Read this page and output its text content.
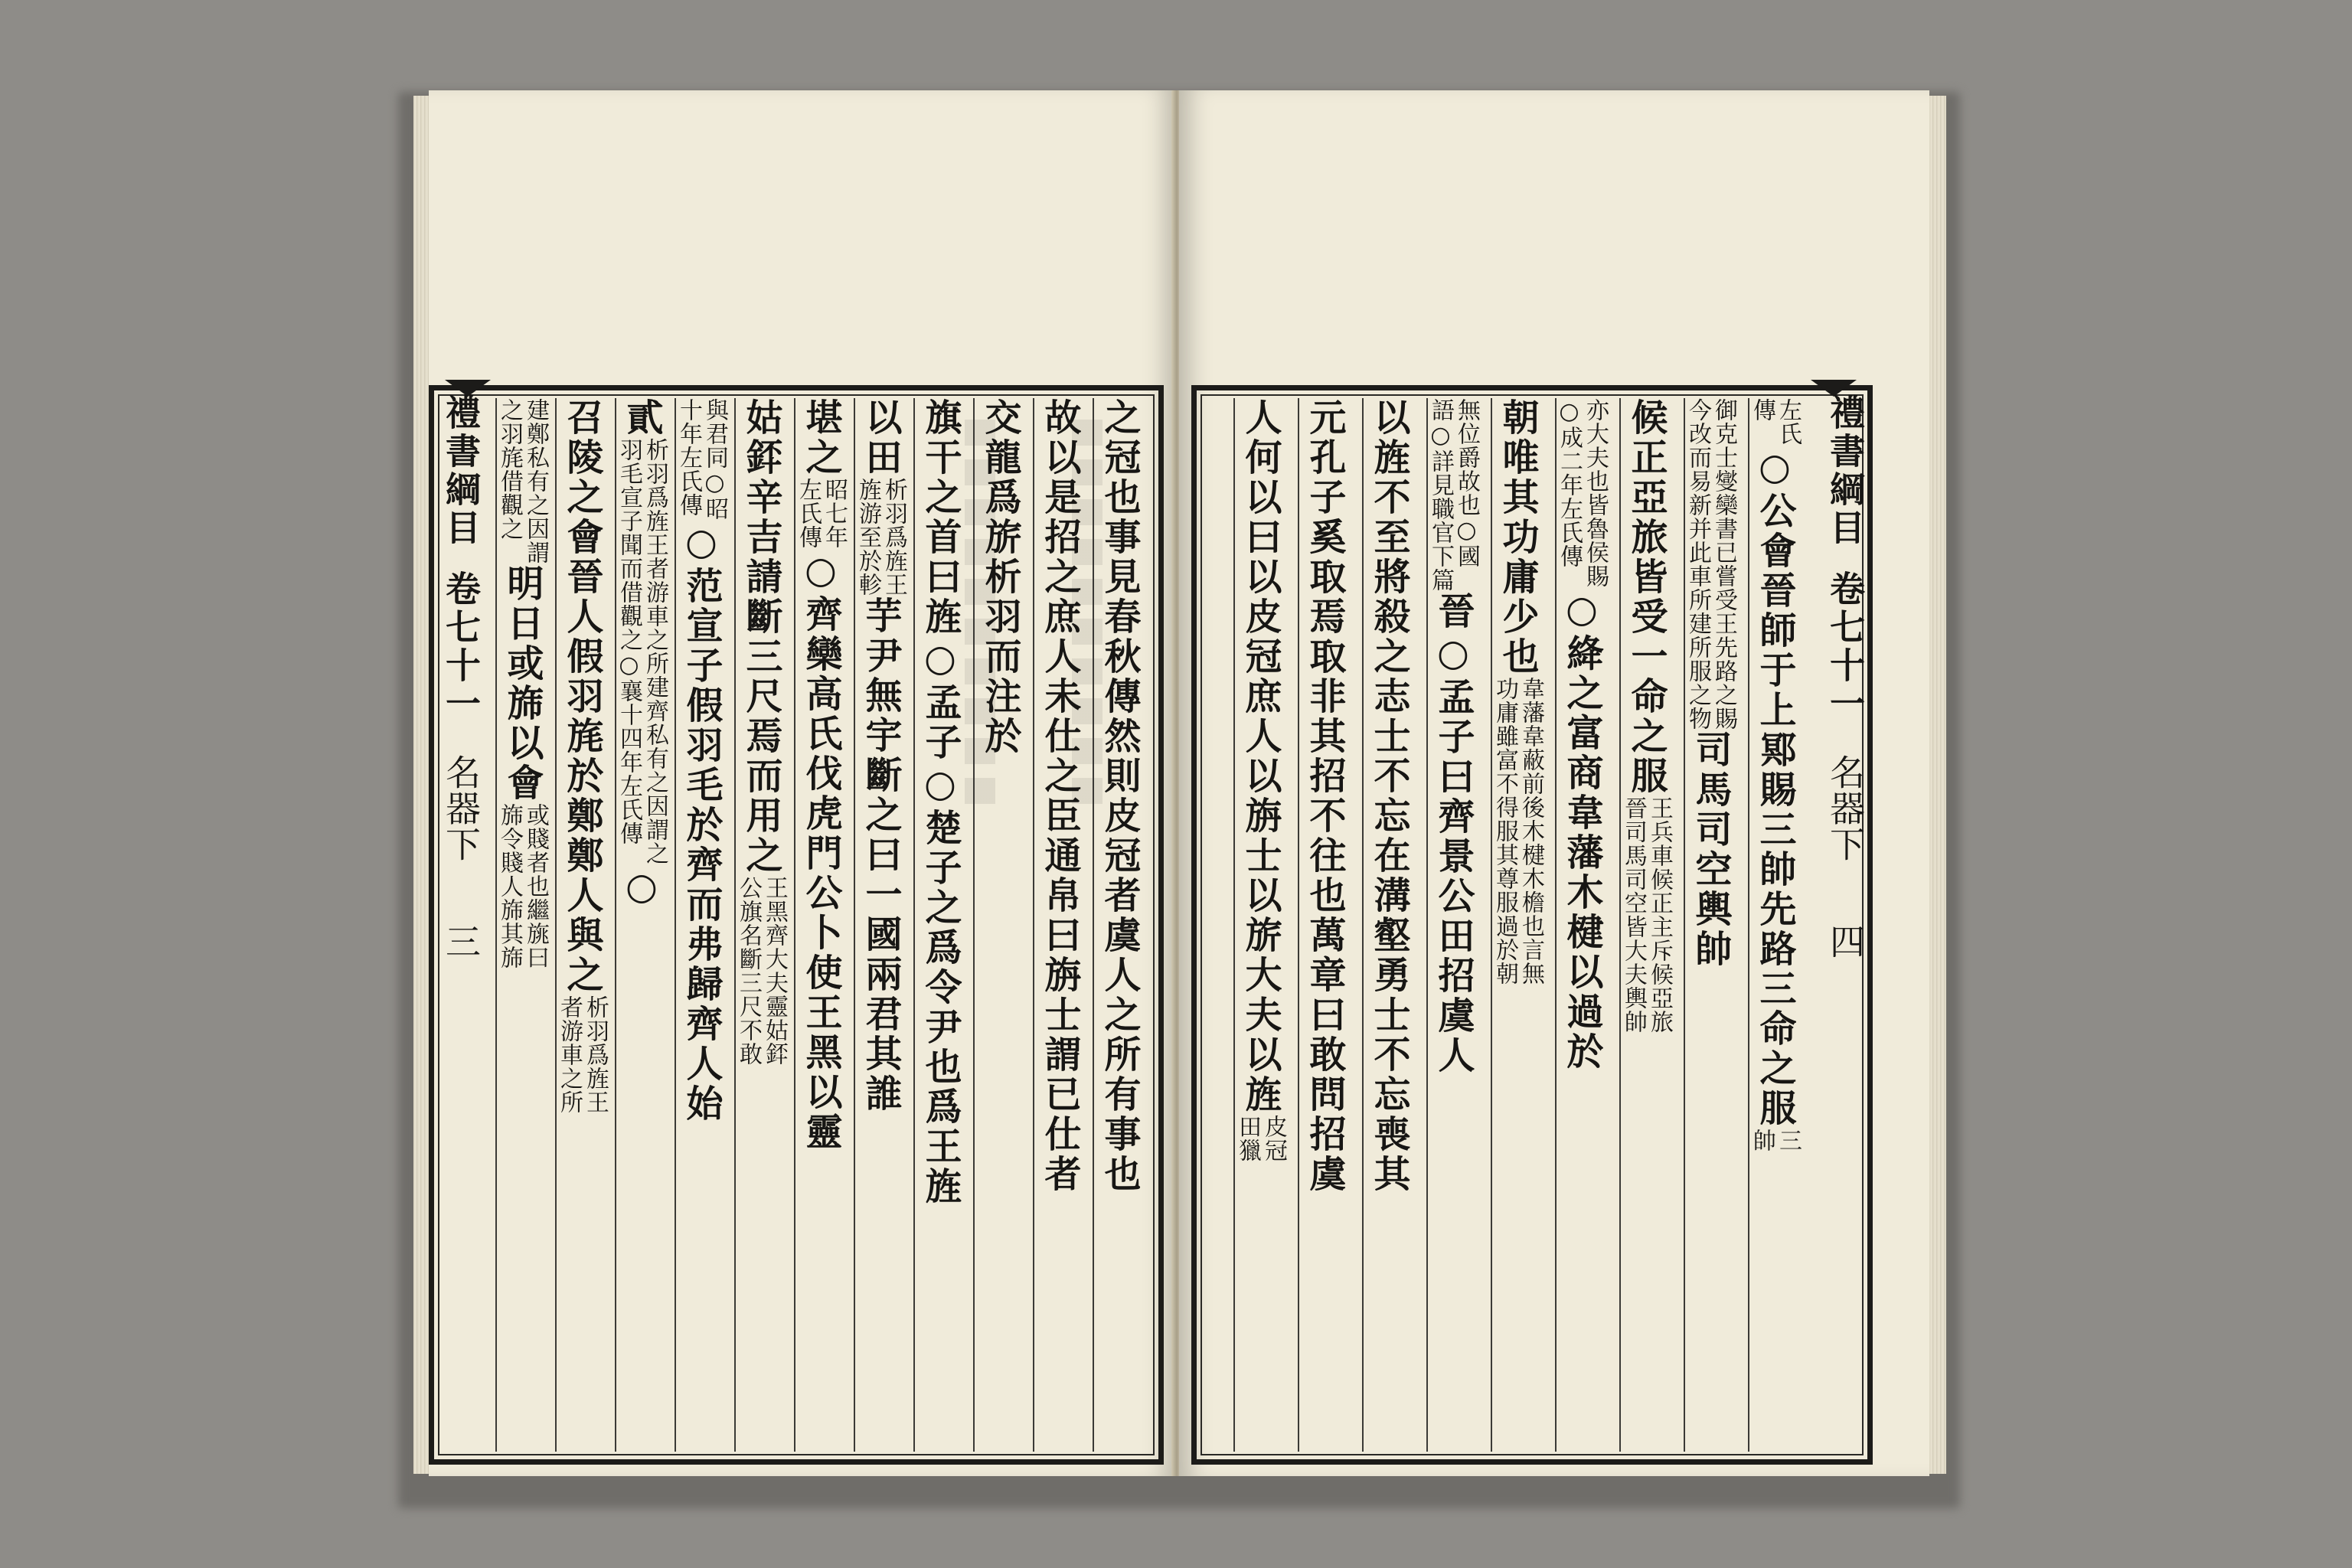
禮書綱目
卷七十一
名器下
三	之冠也事見春秋傳然則皮冠者虞人之所有事也
故以是招之庶人未仕之臣通帛曰旃士謂已仕者
交龍爲旂析羽而注於
旗干之首曰旌○孟子○楚子之爲令尹也爲王旌
以田
析羽爲旌王
旌游至於軫
芋尹無宇斷之曰一國兩君其誰
堪之
昭七年
左氏傳
○齊欒高氏伐虎門公卜使王黑以靈
姑銔辛吉請斷三尺焉而用之
王黑齊大夫靈姑銔
公旗名斷三尺不敢
與君同○昭
十年左氏傳
○范宣子假羽毛於齊而弗歸齊人始
貳
析羽爲旌王者游車之所建齊私有之因謂之
羽毛宣子聞而借觀之○襄十四年左氏傳
○
召陵之會晉人假羽旄於鄭鄭人與之
析羽爲旌王
者游車之所
建鄭私有之因謂
之羽旄借觀之
明日或旆以會
或賤者也繼旐曰
旆令賤人旆其旆
禮書綱目
卷七十一
名器下
四
左氏
傳
○公會晉師于上鄍賜三帥先路三命之服
三
帥
御克士燮欒書已嘗受王先路之賜
今改而易新并此車所建所服之物
司馬司空輿帥
候正亞旅皆受一命之服
王兵車候正主斥候亞旅
晉司馬司空皆大夫輿帥
亦大夫也皆魯侯賜
○成二年左氏傳
○絳之富商韋藩木楗以過於
朝唯其功庸少也
韋藩韋蔽前後木楗木檐也言無
功庸雖富不得服其尊服過於朝
無位爵故也○國
語○詳見職官下篇
晉○孟子曰齊景公田招虞人
以旌不至將殺之志士不忘在溝壑勇士不忘喪其
元孔子奚取焉取非其招不往也萬章曰敢問招虞
人何以曰以皮冠庶人以旃士以旂大夫以旌
皮冠
田獵
